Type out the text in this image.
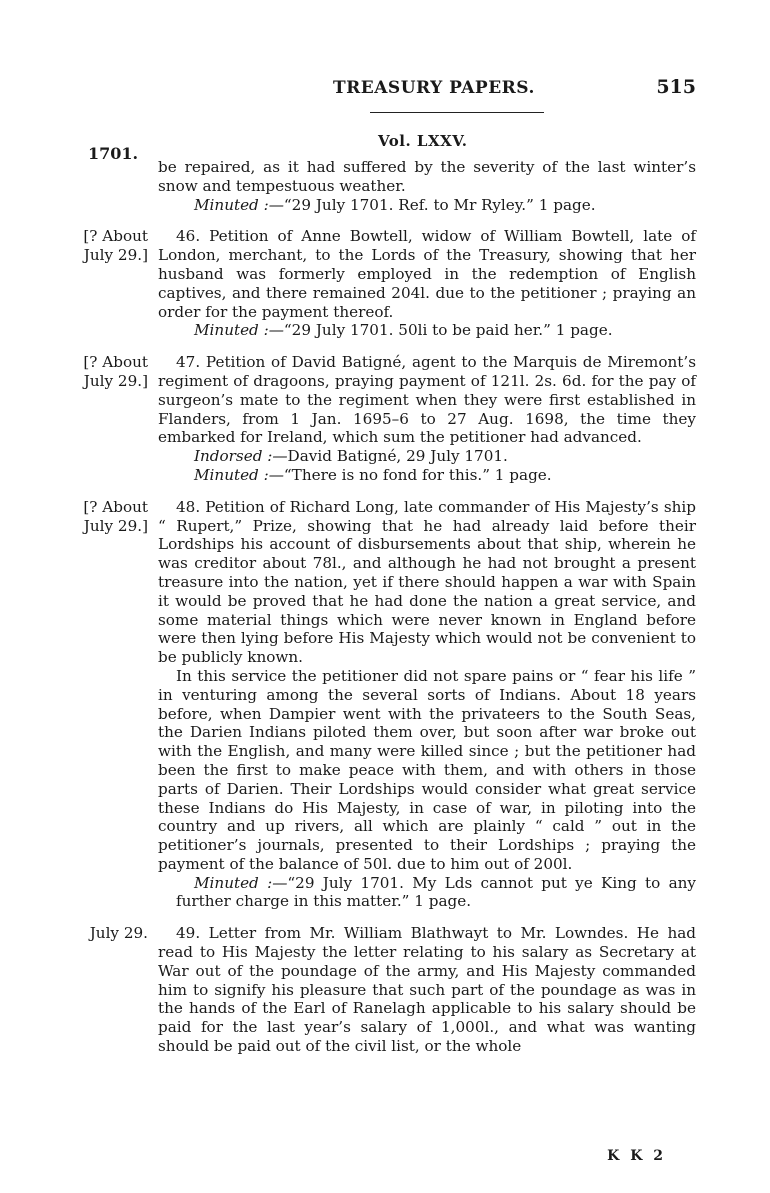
TREASURY PAPERS.	515
Vol. LXXV.
1701.

be repaired, as it had suffered by the severity of the last winter’s snow and tempestuous weather.

Minuted :—“29 July 1701. Ref. to Mr Ryley.” 1 page.

[? About
July 29.]

46. Petition of Anne Bowtell, widow of William Bowtell, late of London, merchant, to the Lords of the Treasury, showing that her husband was formerly employed in the redemption of English captives, and there remained 204l. due to the petitioner ; praying an order for the payment thereof.

Minuted :—“29 July 1701. 50li to be paid her.” 1 page.

[? About
July 29.]

47. Petition of David Batigné, agent to the Marquis de Miremont’s regiment of dragoons, praying payment of 121l. 2s. 6d. for the pay of surgeon’s mate to the regiment when they were first established in Flanders, from 1 Jan. 1695–6 to 27 Aug. 1698, the time they embarked for Ireland, which sum the petitioner had advanced.

Indorsed :—David Batigné, 29 July 1701.

Minuted :—“There is no fond for this.” 1 page.

[? About
July 29.]

48. Petition of Richard Long, late commander of His Majesty’s ship “ Rupert,” Prize, showing that he had already laid before their Lordships his account of disbursements about that ship, wherein he was creditor about 78l., and although he had not brought a present treasure into the nation, yet if there should happen a war with Spain it would be proved that he had done the nation a great service, and some material things which were never known in England before were then lying before His Majesty which would not be convenient to be publicly known.

In this service the petitioner did not spare pains or “ fear his life ” in venturing among the several sorts of Indians. About 18 years before, when Dampier went with the privateers to the South Seas, the Darien Indians piloted them over, but soon after war broke out with the English, and many were killed since ; but the petitioner had been the first to make peace with them, and with others in those parts of Darien. Their Lordships would consider what great service these Indians do His Majesty, in case of war, in piloting into the country and up rivers, all which are plainly “ cald ” out in the petitioner’s journals, presented to their Lordships ; praying the payment of the balance of 50l. due to him out of 200l.

Minuted :—“29 July 1701. My Lds cannot put ye King to any further charge in this matter.” 1 page.

July 29.	49. Letter from Mr. William Blathwayt to Mr. Lowndes. He had read to His Majesty the letter relating to his salary as Secretary at War out of the poundage of the army, and His Majesty commanded him to signify his pleasure that such part of the poundage as was in the hands of the Earl of Ranelagh applicable to his salary should be paid for the last year’s salary of 1,000l., and what was wanting should be paid out of the civil list, or the whole

K K 2
